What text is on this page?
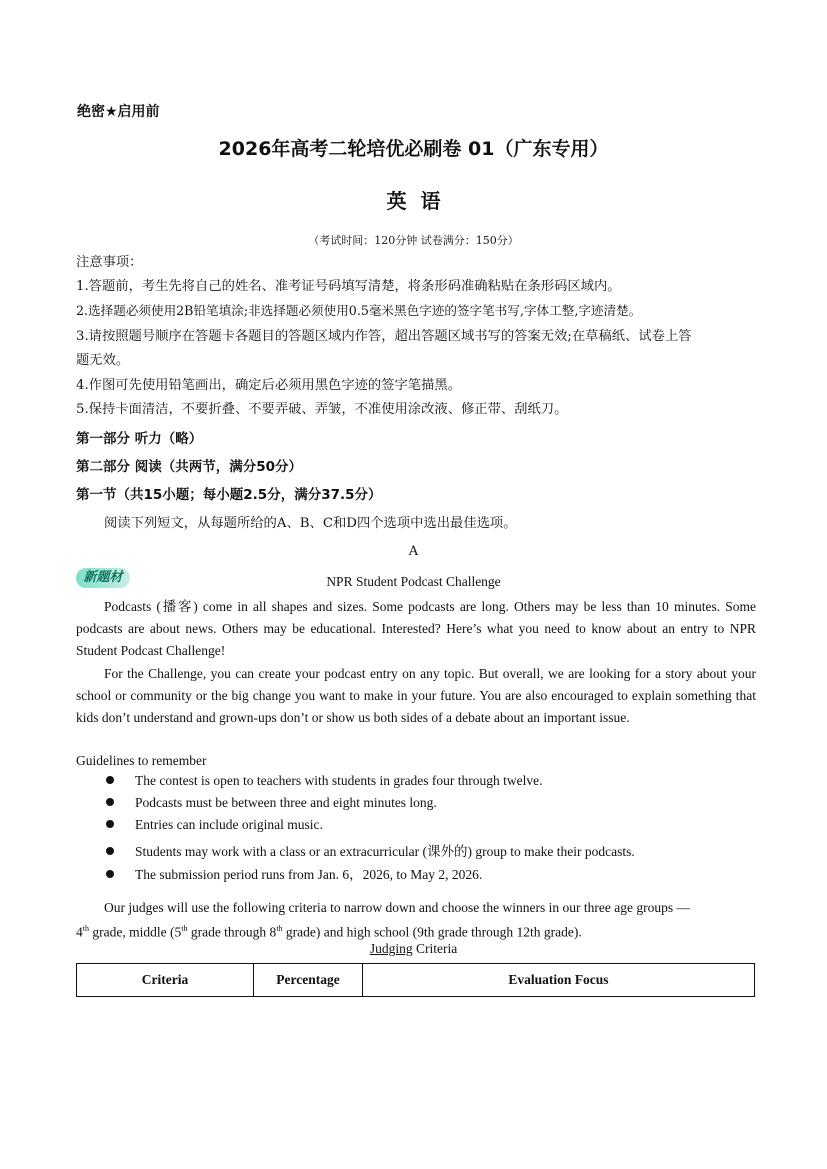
绝密★启用前
2026年高考二轮培优必刷卷 01（广东专用）
英语
（考试时间：120分钟 试卷满分：150分）
注意事项：
1.答题前，考生先将自己的姓名、准考证号码填写清楚，将条形码准确粘贴在条形码区域内。
2.选择题必须使用2B铅笔填涂;非选择题必须使用0.5毫米黑色字迹的签字笔书写,字体工整,字迹清楚。
3.请按照题号顺序在答题卡各题目的答题区域内作答，超出答题区域书写的答案无效;在草稿纸、试卷上答
题无效。
4.作图可先使用铅笔画出，确定后必须用黑色字迹的签字笔描黑。
5.保持卡面清洁，不要折叠、不要弄破、弄皱，不准使用涂改液、修正带、刮纸刀。
第一部分 听力（略）
第二部分 阅读（共两节，满分50分）
第一节（共15小题；每小题2.5分，满分37.5分）
阅读下列短文，从每题所给的A、B、C和D四个选项中选出最佳选项。
A
新题材	NPR Student Podcast Challenge
Podcasts (播客) come in all shapes and sizes. Some podcasts are long. Others may be less than 10 minutes. Some podcasts are about news. Others may be educational. Interested? Here’s what you need to know about an entry to NPR Student Podcast Challenge!
For the Challenge, you can create your podcast entry on any topic. But overall, we are looking for a story about your school or community or the big change you want to make in your future. You are also encouraged to explain something that kids don’t understand and grown-ups don’t or show us both sides of a debate about an important issue.
Guidelines to remember
The contest is open to teachers with students in grades four through twelve.
Podcasts must be between three and eight minutes long.
Entries can include original music.
Students may work with a class or an extracurricular (课外的) group to make their podcasts.
The submission period runs from Jan. 6，2026, to May 2, 2026.
Our judges will use the following criteria to narrow down and choose the winners in our three age groups —
4th grade, middle (5th grade through 8th grade) and high school (9th grade through 12th grade).
Judging Criteria
Criteria	Percentage	Evaluation Focus
